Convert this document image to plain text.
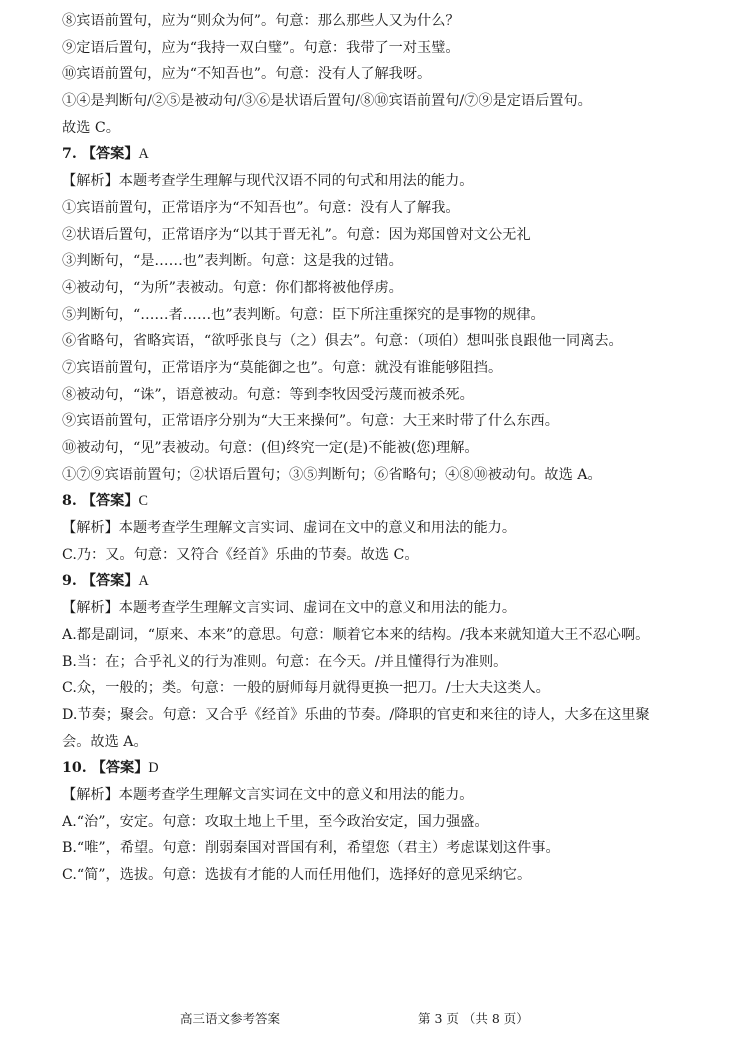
⑧宾语前置句，应为“则众为何”。句意：那么那些人又为什么？
⑨定语后置句，应为“我持一双白璧”。句意：我带了一对玉璧。
⑩宾语前置句，应为“不知吾也”。句意：没有人了解我呀。
①④是判断句/②⑤是被动句/③⑥是状语后置句/⑧⑩宾语前置句/⑦⑨是定语后置句。
故选 C。
7. 【答案】A
【解析】本题考查学生理解与现代汉语不同的句式和用法的能力。
①宾语前置句，正常语序为“不知吾也”。句意：没有人了解我。
②状语后置句，正常语序为“以其于晋无礼”。句意：因为郑国曾对文公无礼
③判断句，“是……也”表判断。句意：这是我的过错。
④被动句，“为所”表被动。句意：你们都将被他俘虏。
⑤判断句，“……者……也”表判断。句意：臣下所注重探究的是事物的规律。
⑥省略句，省略宾语，“欲呼张良与（之）俱去”。句意：（项伯）想叫张良跟他一同离去。
⑦宾语前置句，正常语序为“莫能御之也”。句意：就没有谁能够阻挡。
⑧被动句，“诛”，语意被动。句意：等到李牧因受污蔑而被杀死。
⑨宾语前置句，正常语序分别为“大王来操何”。句意：大王来时带了什么东西。
⑩被动句，“见”表被动。句意：(但)终究一定(是)不能被(您)理解。
①⑦⑨宾语前置句；②状语后置句；③⑤判断句；⑥省略句；④⑧⑩被动句。故选 A。
8. 【答案】C
【解析】本题考查学生理解文言实词、虚词在文中的意义和用法的能力。
C.乃：又。句意：又符合《经首》乐曲的节奏。故选 C。
9. 【答案】A
【解析】本题考查学生理解文言实词、虚词在文中的意义和用法的能力。
A.都是副词，“原来、本来”的意思。句意：顺着它本来的结构。/我本来就知道大王不忍心啊。
B.当：在；合乎礼义的行为准则。句意：在今天。/并且懂得行为准则。
C.众，一般的；类。句意：一般的厨师每月就得更换一把刀。/士大夫这类人。
D.节奏；聚会。句意：又合乎《经首》乐曲的节奏。/降职的官吏和来往的诗人，大多在这里聚
会。故选 A。
10. 【答案】D
【解析】本题考查学生理解文言实词在文中的意义和用法的能力。
A.“治”，安定。句意：攻取土地上千里，至今政治安定，国力强盛。
B.“唯”，希望。句意：削弱秦国对晋国有利，希望您（君主）考虑谋划这件事。
C.“简”，选拔。句意：选拔有才能的人而任用他们，选择好的意见采纳它。
高三语文参考答案	第 3 页 （共 8 页）
